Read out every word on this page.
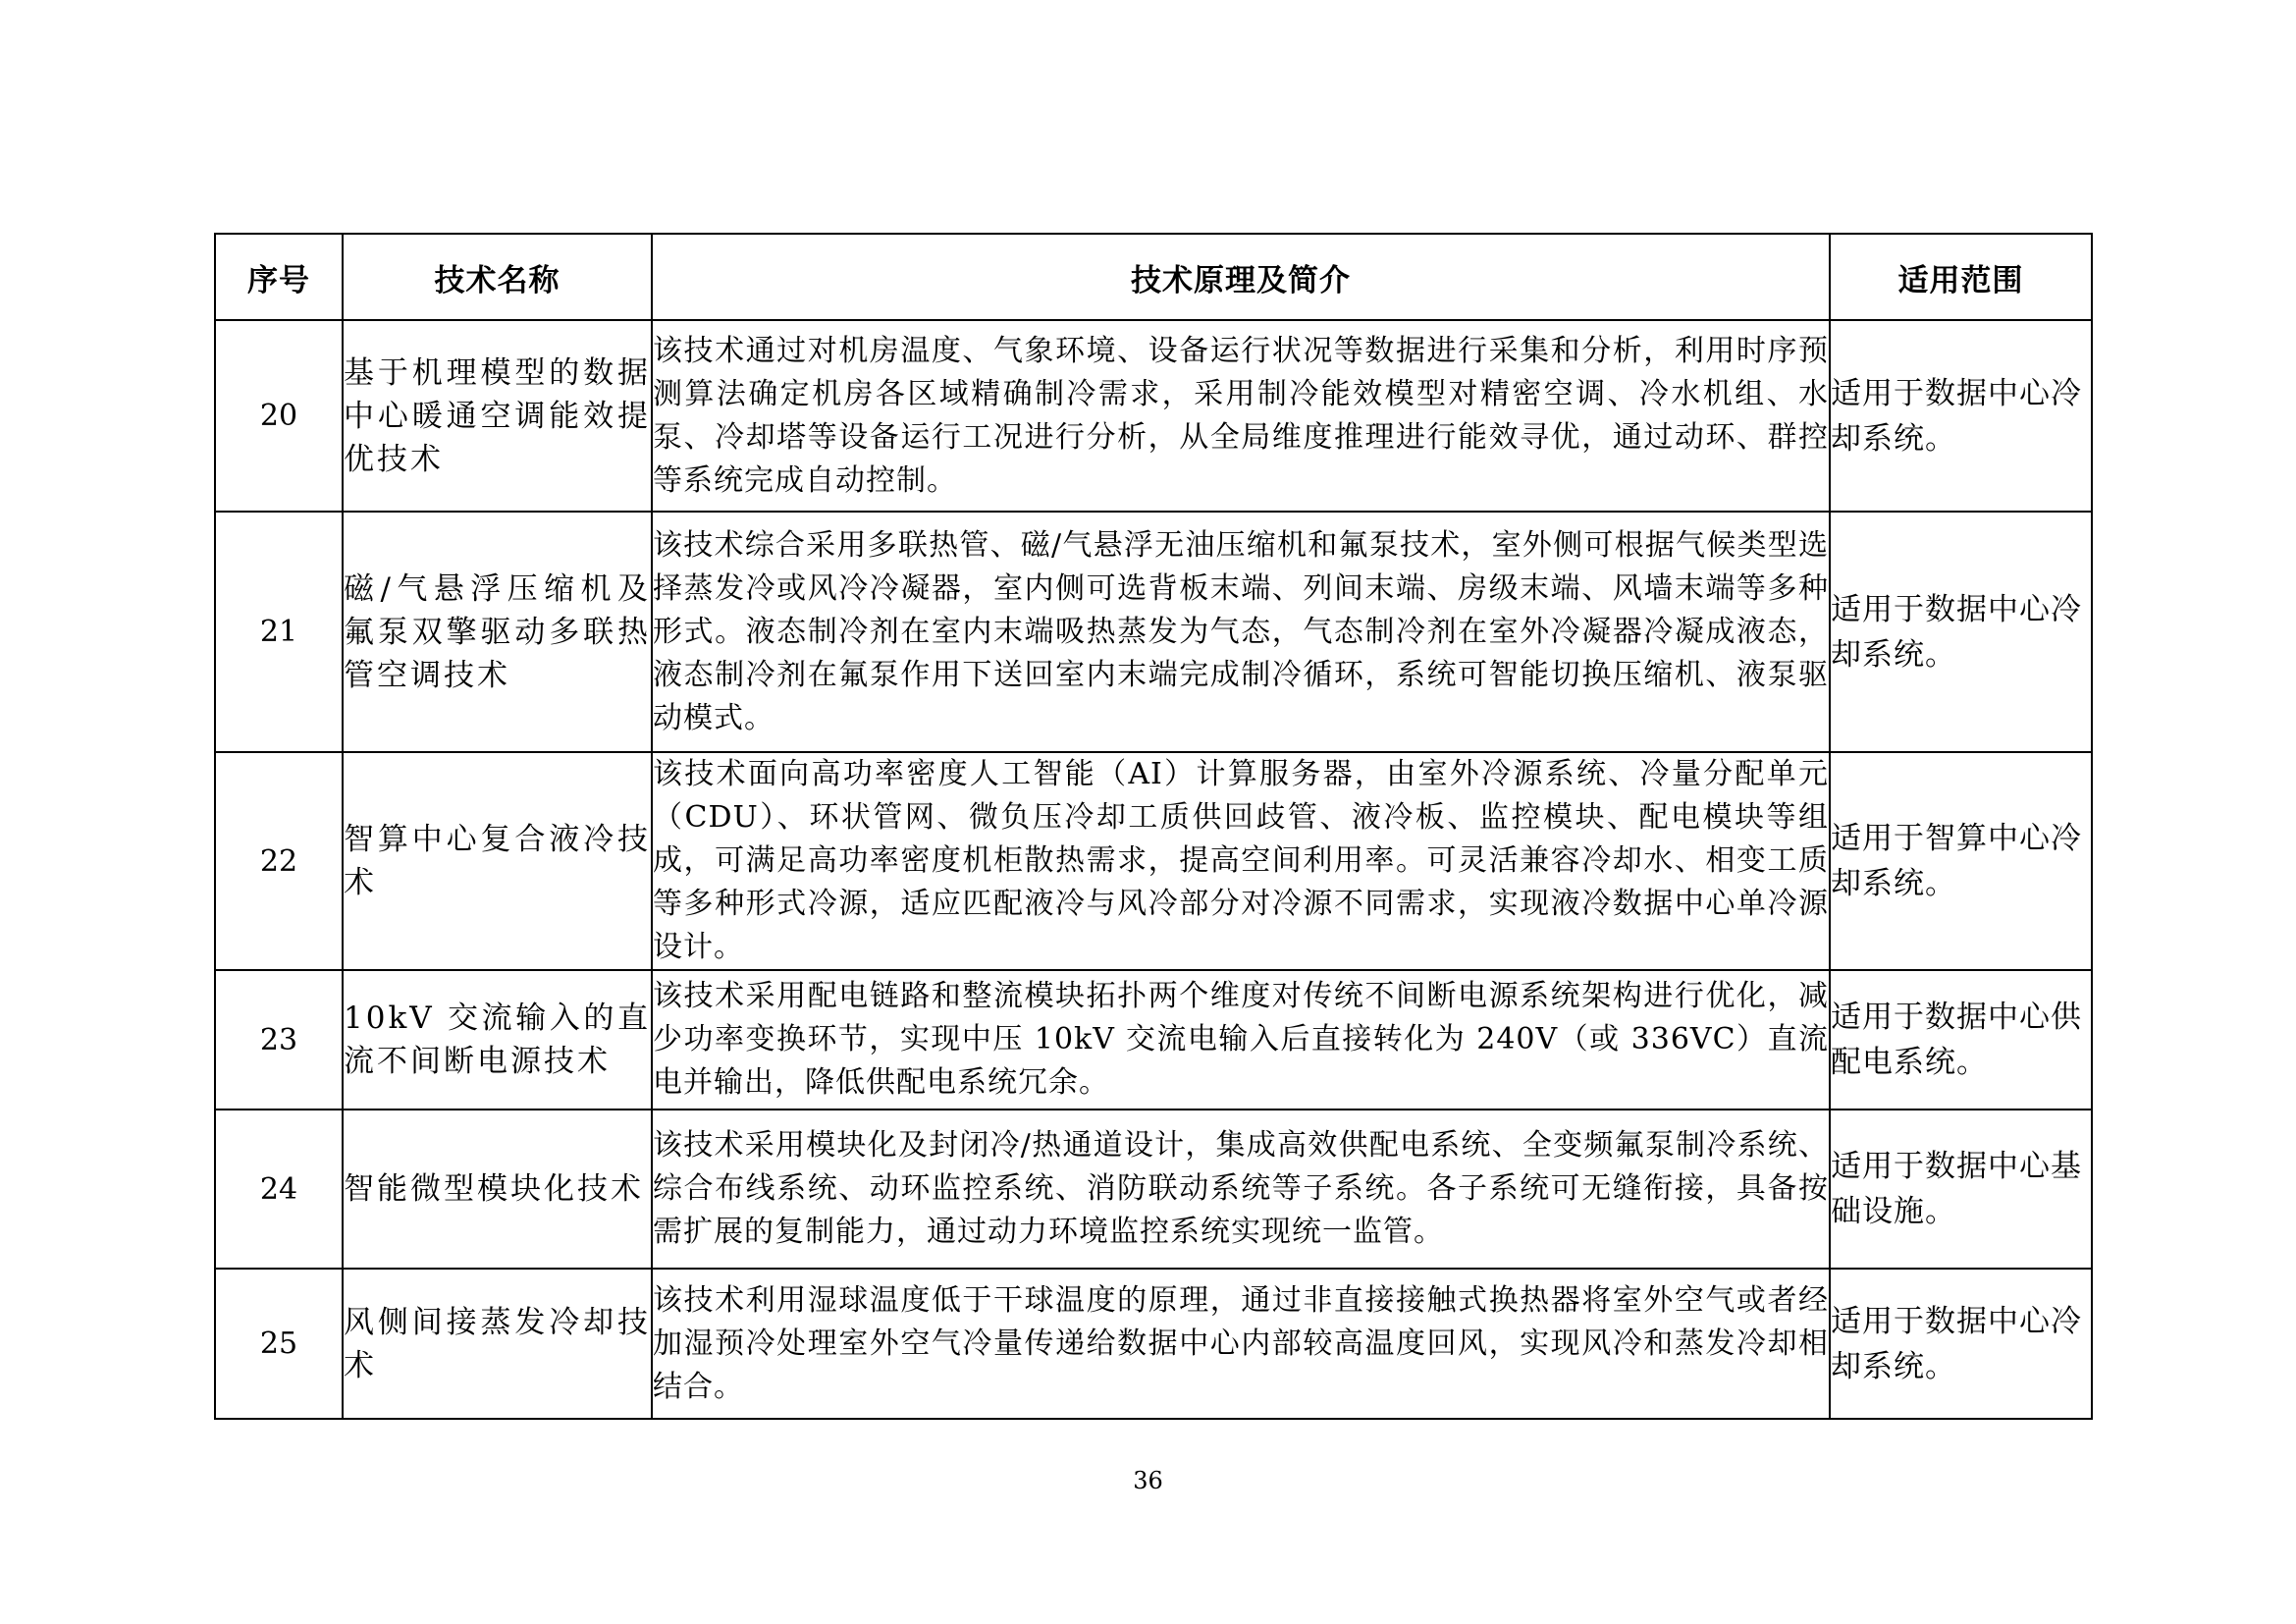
序号	技术名称	技术原理及简介	适用范围
20	基于机理模型的数据中心暖通空调能效提优技术	该技术通过对机房温度、气象环境、设备运行状况等数据进行采集和分析，利用时序预测算法确定机房各区域精确制冷需求，采用制冷能效模型对精密空调、冷水机组、水泵、冷却塔等设备运行工况进行分析，从全局维度推理进行能效寻优，通过动环、群控等系统完成自动控制。	适用于数据中心冷却系统。
21	磁/气悬浮压缩机及氟泵双擎驱动多联热管空调技术	该技术综合采用多联热管、磁/气悬浮无油压缩机和氟泵技术，室外侧可根据气候类型选择蒸发冷或风冷冷凝器，室内侧可选背板末端、列间末端、房级末端、风墙末端等多种形式。液态制冷剂在室内末端吸热蒸发为气态，气态制冷剂在室外冷凝器冷凝成液态，液态制冷剂在氟泵作用下送回室内末端完成制冷循环，系统可智能切换压缩机、液泵驱动模式。	适用于数据中心冷却系统。
22	智算中心复合液冷技术	该技术面向高功率密度人工智能（AI）计算服务器，由室外冷源系统、冷量分配单元（CDU）、环状管网、微负压冷却工质供回歧管、液冷板、监控模块、配电模块等组成，可满足高功率密度机柜散热需求，提高空间利用率。可灵活兼容冷却水、相变工质等多种形式冷源，适应匹配液冷与风冷部分对冷源不同需求，实现液冷数据中心单冷源设计。	适用于智算中心冷却系统。
23	10kV 交流输入的直流不间断电源技术	该技术采用配电链路和整流模块拓扑两个维度对传统不间断电源系统架构进行优化，减少功率变换环节，实现中压 10kV 交流电输入后直接转化为 240V（或 336VC）直流电并输出，降低供配电系统冗余。	适用于数据中心供配电系统。
24	智能微型模块化技术	该技术采用模块化及封闭冷/热通道设计，集成高效供配电系统、全变频氟泵制冷系统、综合布线系统、动环监控系统、消防联动系统等子系统。各子系统可无缝衔接，具备按需扩展的复制能力，通过动力环境监控系统实现统一监管。	适用于数据中心基础设施。
25	风侧间接蒸发冷却技术	该技术利用湿球温度低于干球温度的原理，通过非直接接触式换热器将室外空气或者经加湿预冷处理室外空气冷量传递给数据中心内部较高温度回风，实现风冷和蒸发冷却相结合。	适用于数据中心冷却系统。
36
